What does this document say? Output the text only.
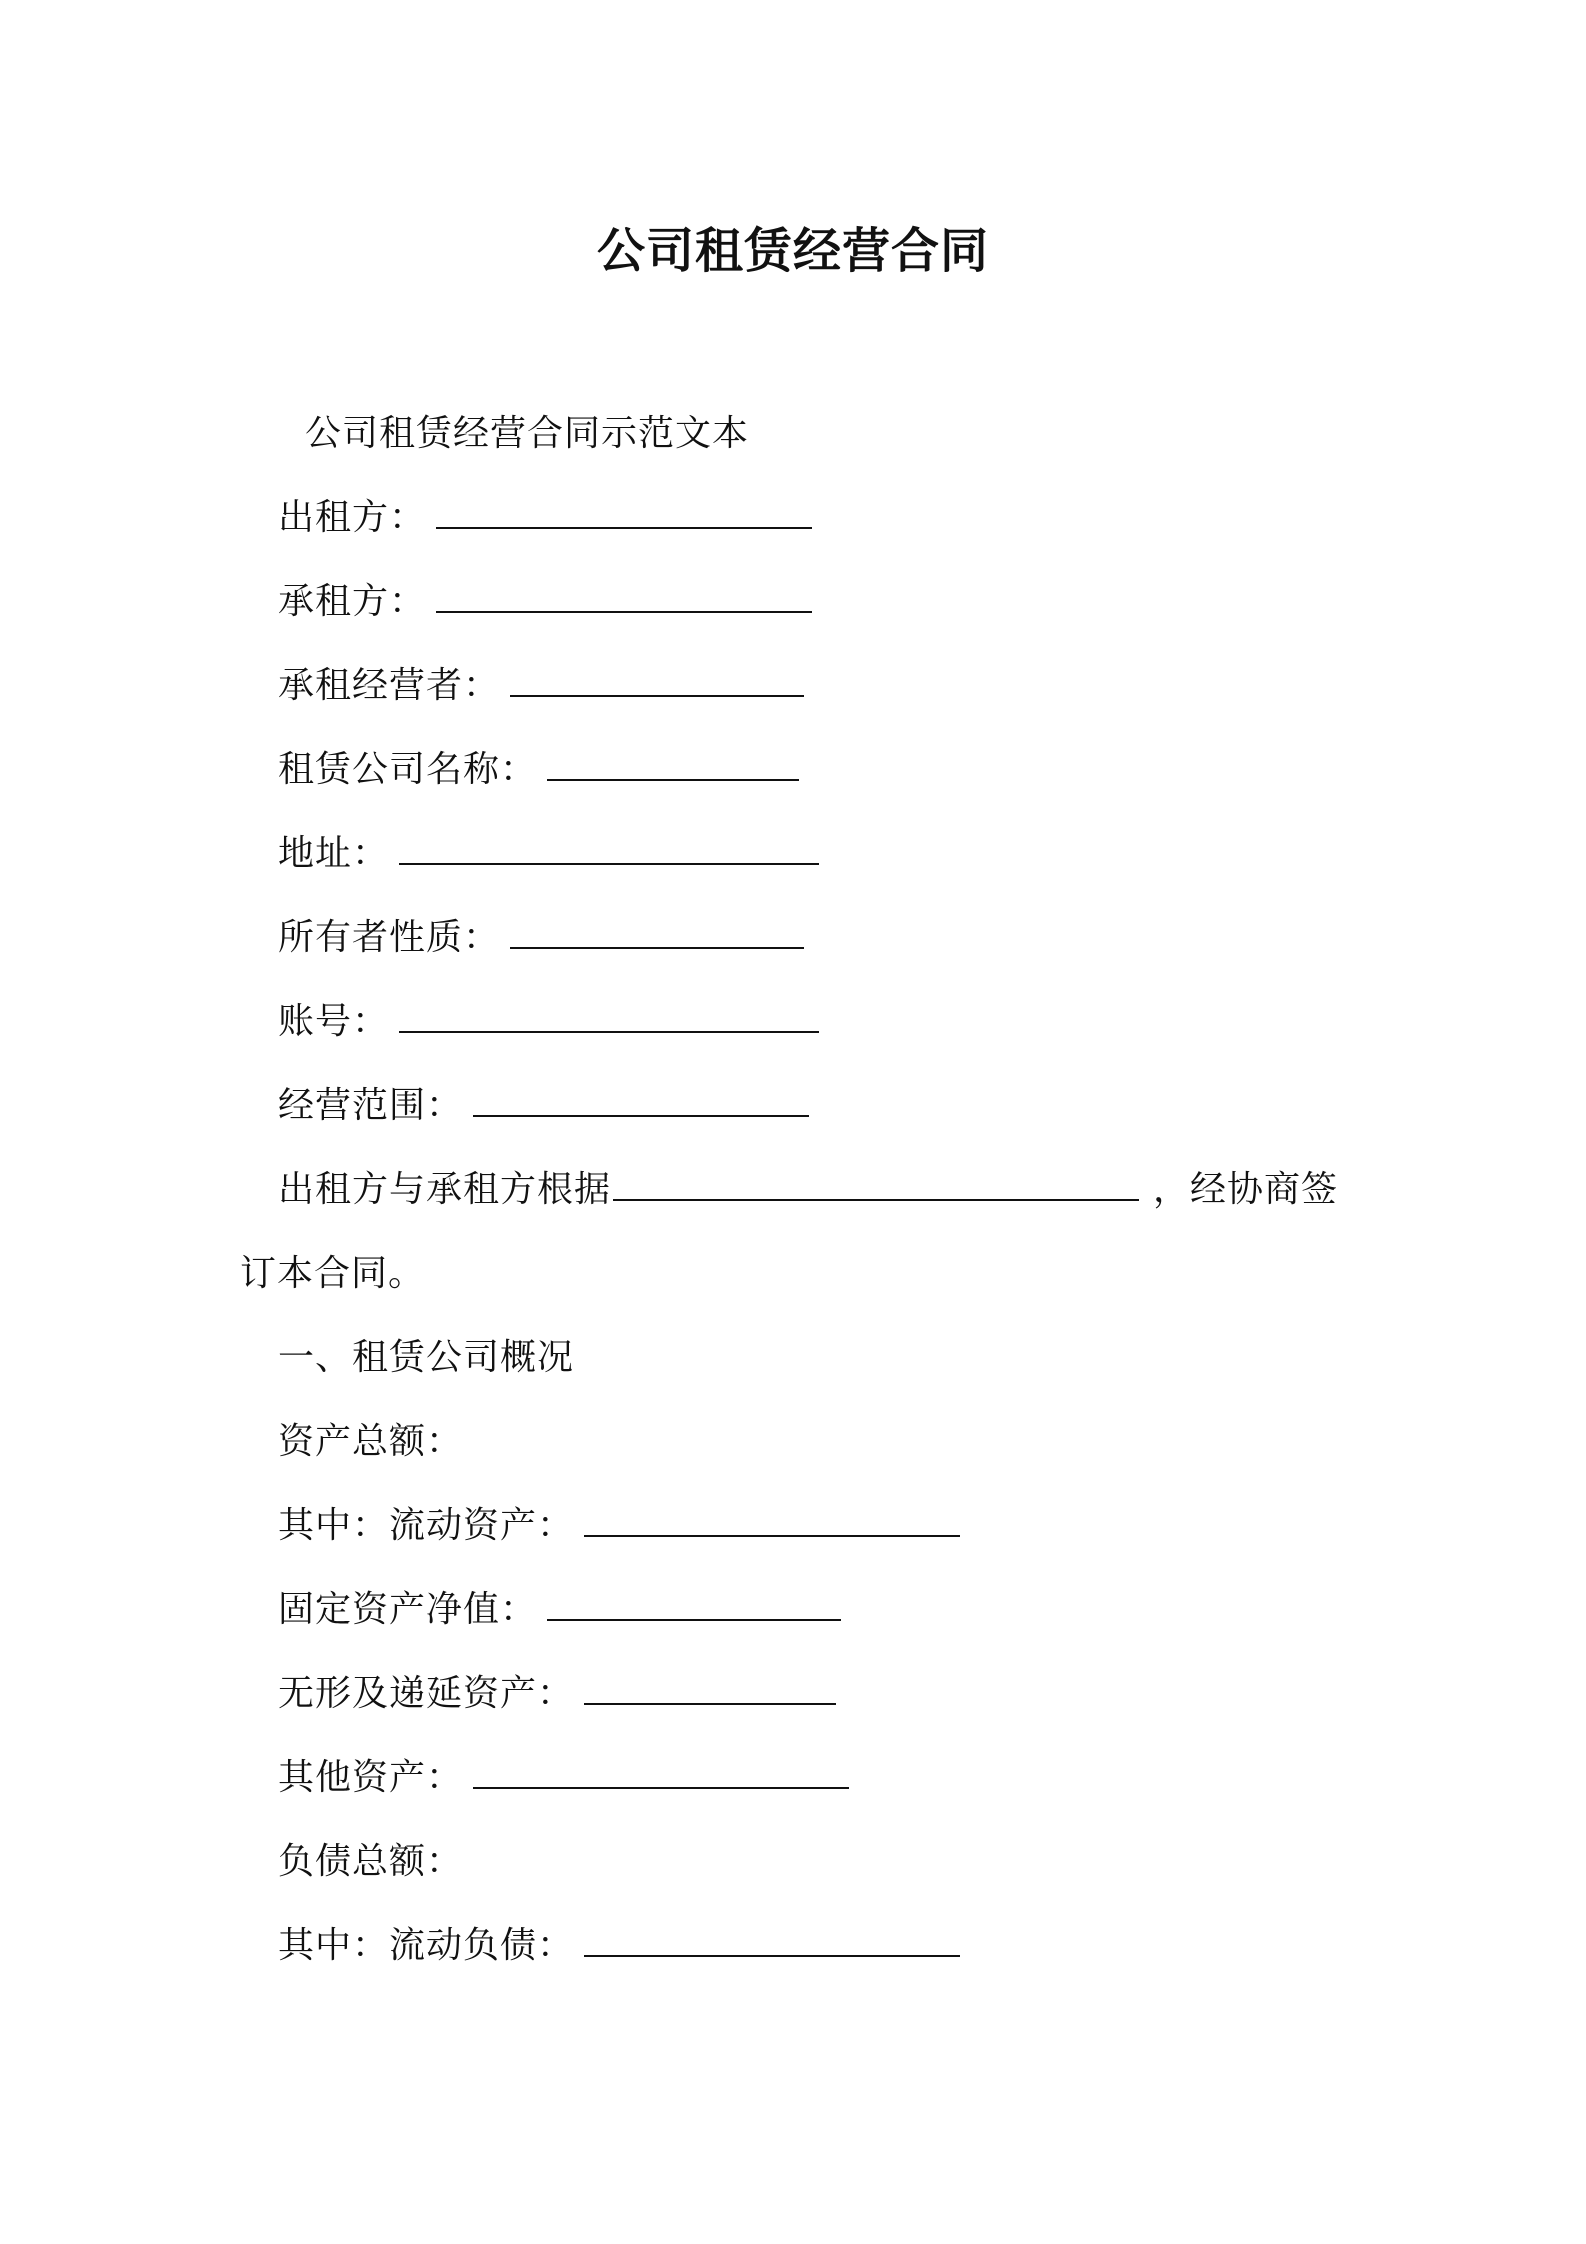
公司租赁经营合同
公司租赁经营合同示范文本
出租方：
承租方：
承租经营者：
租赁公司名称：
地址：
所有者性质：
账号：
经营范围：
出租方与承租方根据	，经协商签
订本合同。
一、租赁公司概况
资产总额：
其中：流动资产：
固定资产净值：
无形及递延资产：
其他资产：
负债总额：
其中：流动负债：
